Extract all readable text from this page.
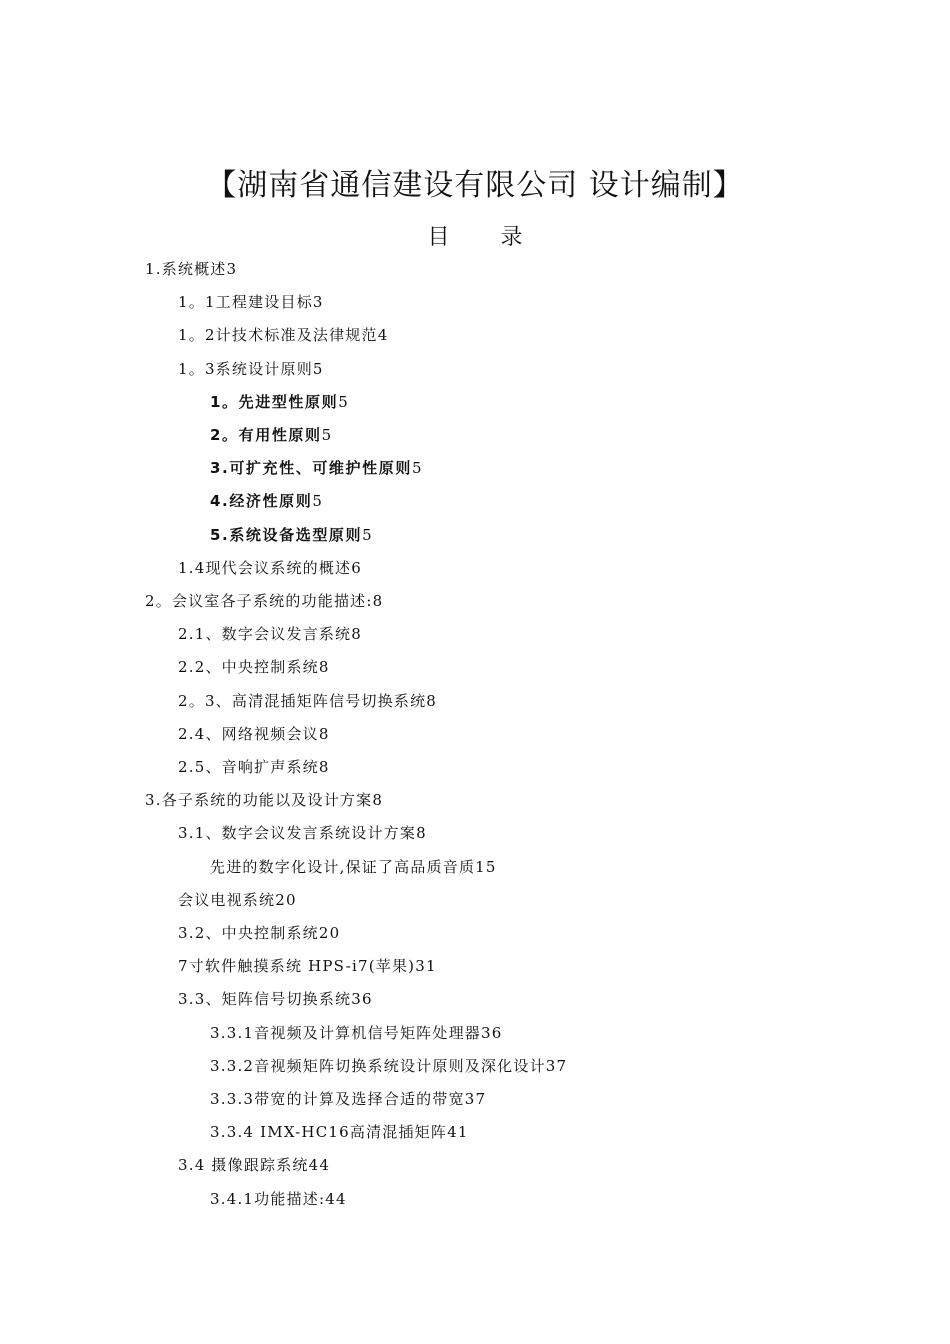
【湖南省通信建设有限公司 设计编制】
目 录
1.系统概述3
1。1工程建设目标3
1。2计技术标准及法律规范4
1。3系统设计原则5
1。先进型性原则5
2。有用性原则5
3.可扩充性、可维护性原则5
4.经济性原则5
5.系统设备选型原则5
1.4现代会议系统的概述6
2。会议室各子系统的功能描述:8
2.1、数字会议发言系统8
2.2、中央控制系统8
2。3、高清混插矩阵信号切换系统8
2.4、网络视频会议8
2.5、音响扩声系统8
3.各子系统的功能以及设计方案8
3.1、数字会议发言系统设计方案8
先进的数字化设计,保证了高品质音质15
会议电视系统20
3.2、中央控制系统20
7寸软件触摸系统 HPS-i7(苹果)31
3.3、矩阵信号切换系统36
3.3.1音视频及计算机信号矩阵处理器36
3.3.2音视频矩阵切换系统设计原则及深化设计37
3.3.3带宽的计算及选择合适的带宽37
3.3.4 IMX-HC16高清混插矩阵41
3.4 摄像跟踪系统44
3.4.1功能描述:44
